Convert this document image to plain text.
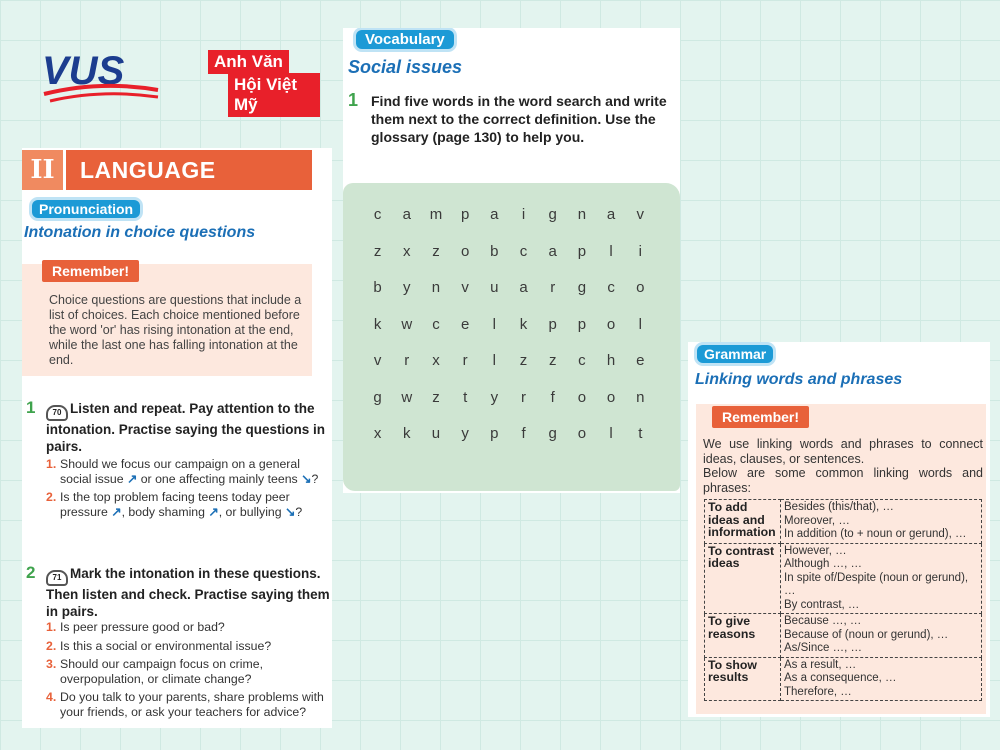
VUS	Anh Văn
Hội Việt Mỹ
II	LANGUAGE
Pronunciation
Intonation in choice questions
Remember!
Choice questions are questions that include a list of choices. Each choice mentioned before the word 'or' has rising intonation at the end, while the last one has falling intonation at the end.
1	70 Listen and repeat. Pay attention to the intonation. Practise saying the questions in pairs.
1. Should we focus our campaign on a general social issue ↗ or one affecting mainly teens ↘?
2. Is the top problem facing teens today peer pressure ↗, body shaming ↗, or bullying ↘?
2	71 Mark the intonation in these questions. Then listen and check. Practise saying them in pairs.
1. Is peer pressure good or bad?
2. Is this a social or environmental issue?
3. Should our campaign focus on crime, overpopulation, or climate change?
4. Do you talk to your parents, share problems with your friends, or ask your teachers for advice?
Vocabulary
Social issues
1 Find five words in the word search and write them next to the correct definition. Use the glossary (page 130) to help you.
c	a	m	p	a	i	g	n	a	v
z	x	z	o	b	c	a	p	l	i
b	y	n	v	u	a	r	g	c	o
k	w	c	e	l	k	p	p	o	l
v	r	x	r	l	z	z	c	h	e
g	w	z	t	y	r	f	o	o	n
x	k	u	y	p	f	g	o	l	t
Grammar
Linking words and phrases
Remember!
We use linking words and phrases to connect ideas, clauses, or sentences.
Below are some common linking words and phrases:
To add ideas and information	Besides (this/that), …
Moreover, …
In addition (to + noun or gerund), …

To contrast ideas	However, …
Although …, …
In spite of/Despite (noun or gerund), …
By contrast, …

To give reasons	Because …, …
Because of (noun or gerund), …
As/Since …, …

To show results	As a result, …
As a consequence, …
Therefore, …
